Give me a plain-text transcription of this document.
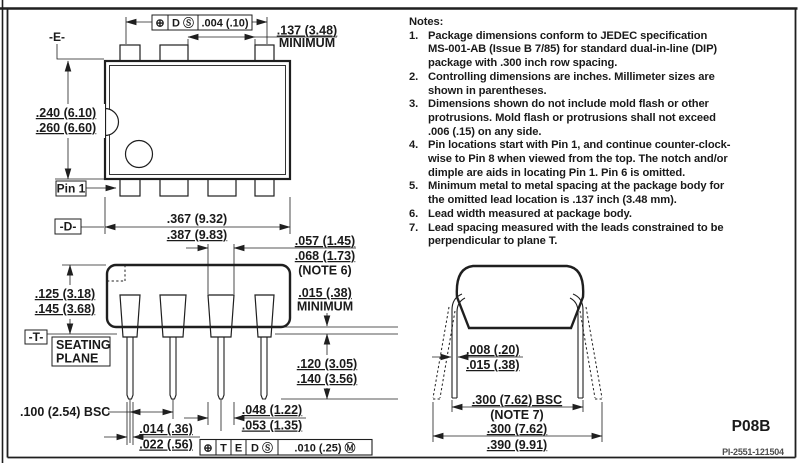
⊕ D Ⓢ .004 (.10) .137 (3.48)
MINIMUM
-E-
.240 (6.10)
.260 (6.60)
Pin 1
-D-
.367 (9.32)
.387 (9.83)	.057 (1.45)
.068 (1.73)
(NOTE 6)
.125 (3.18)
.145 (3.68)
-T-
SEATING
PLANE
.015 (.38)
MINIMUM
.120 (3.05)
.140 (3.56)
.100 (2.54) BSC
.014 (.36)
.022 (.56)
.048 (1.22)
.053 (1.35)
⊕ T E D Ⓢ .010 (.25) Ⓜ
.008 (.20)
.015 (.38)
.300 (7.62) BSC
(NOTE 7)
.300 (7.62)
.390 (9.91)
P08B
PI-2551-121504
Notes:
1. Package dimensions conform to JEDEC specification
MS-001-AB (Issue B 7/85) for standard dual-in-line (DIP)
package with .300 inch row spacing.
2. Controlling dimensions are inches. Millimeter sizes are
shown in parentheses.
3. Dimensions shown do not include mold flash or other
protrusions. Mold flash or protrusions shall not exceed
.006 (.15) on any side.
4. Pin locations start with Pin 1, and continue counter-clock-
wise to Pin 8 when viewed from the top. The notch and/or
dimple are aids in locating Pin 1. Pin 6 is omitted.
5. Minimum metal to metal spacing at the package body for
the omitted lead location is .137 inch (3.48 mm).
6. Lead width measured at package body.
7. Lead spacing measured with the leads constrained to be
perpendicular to plane T.
